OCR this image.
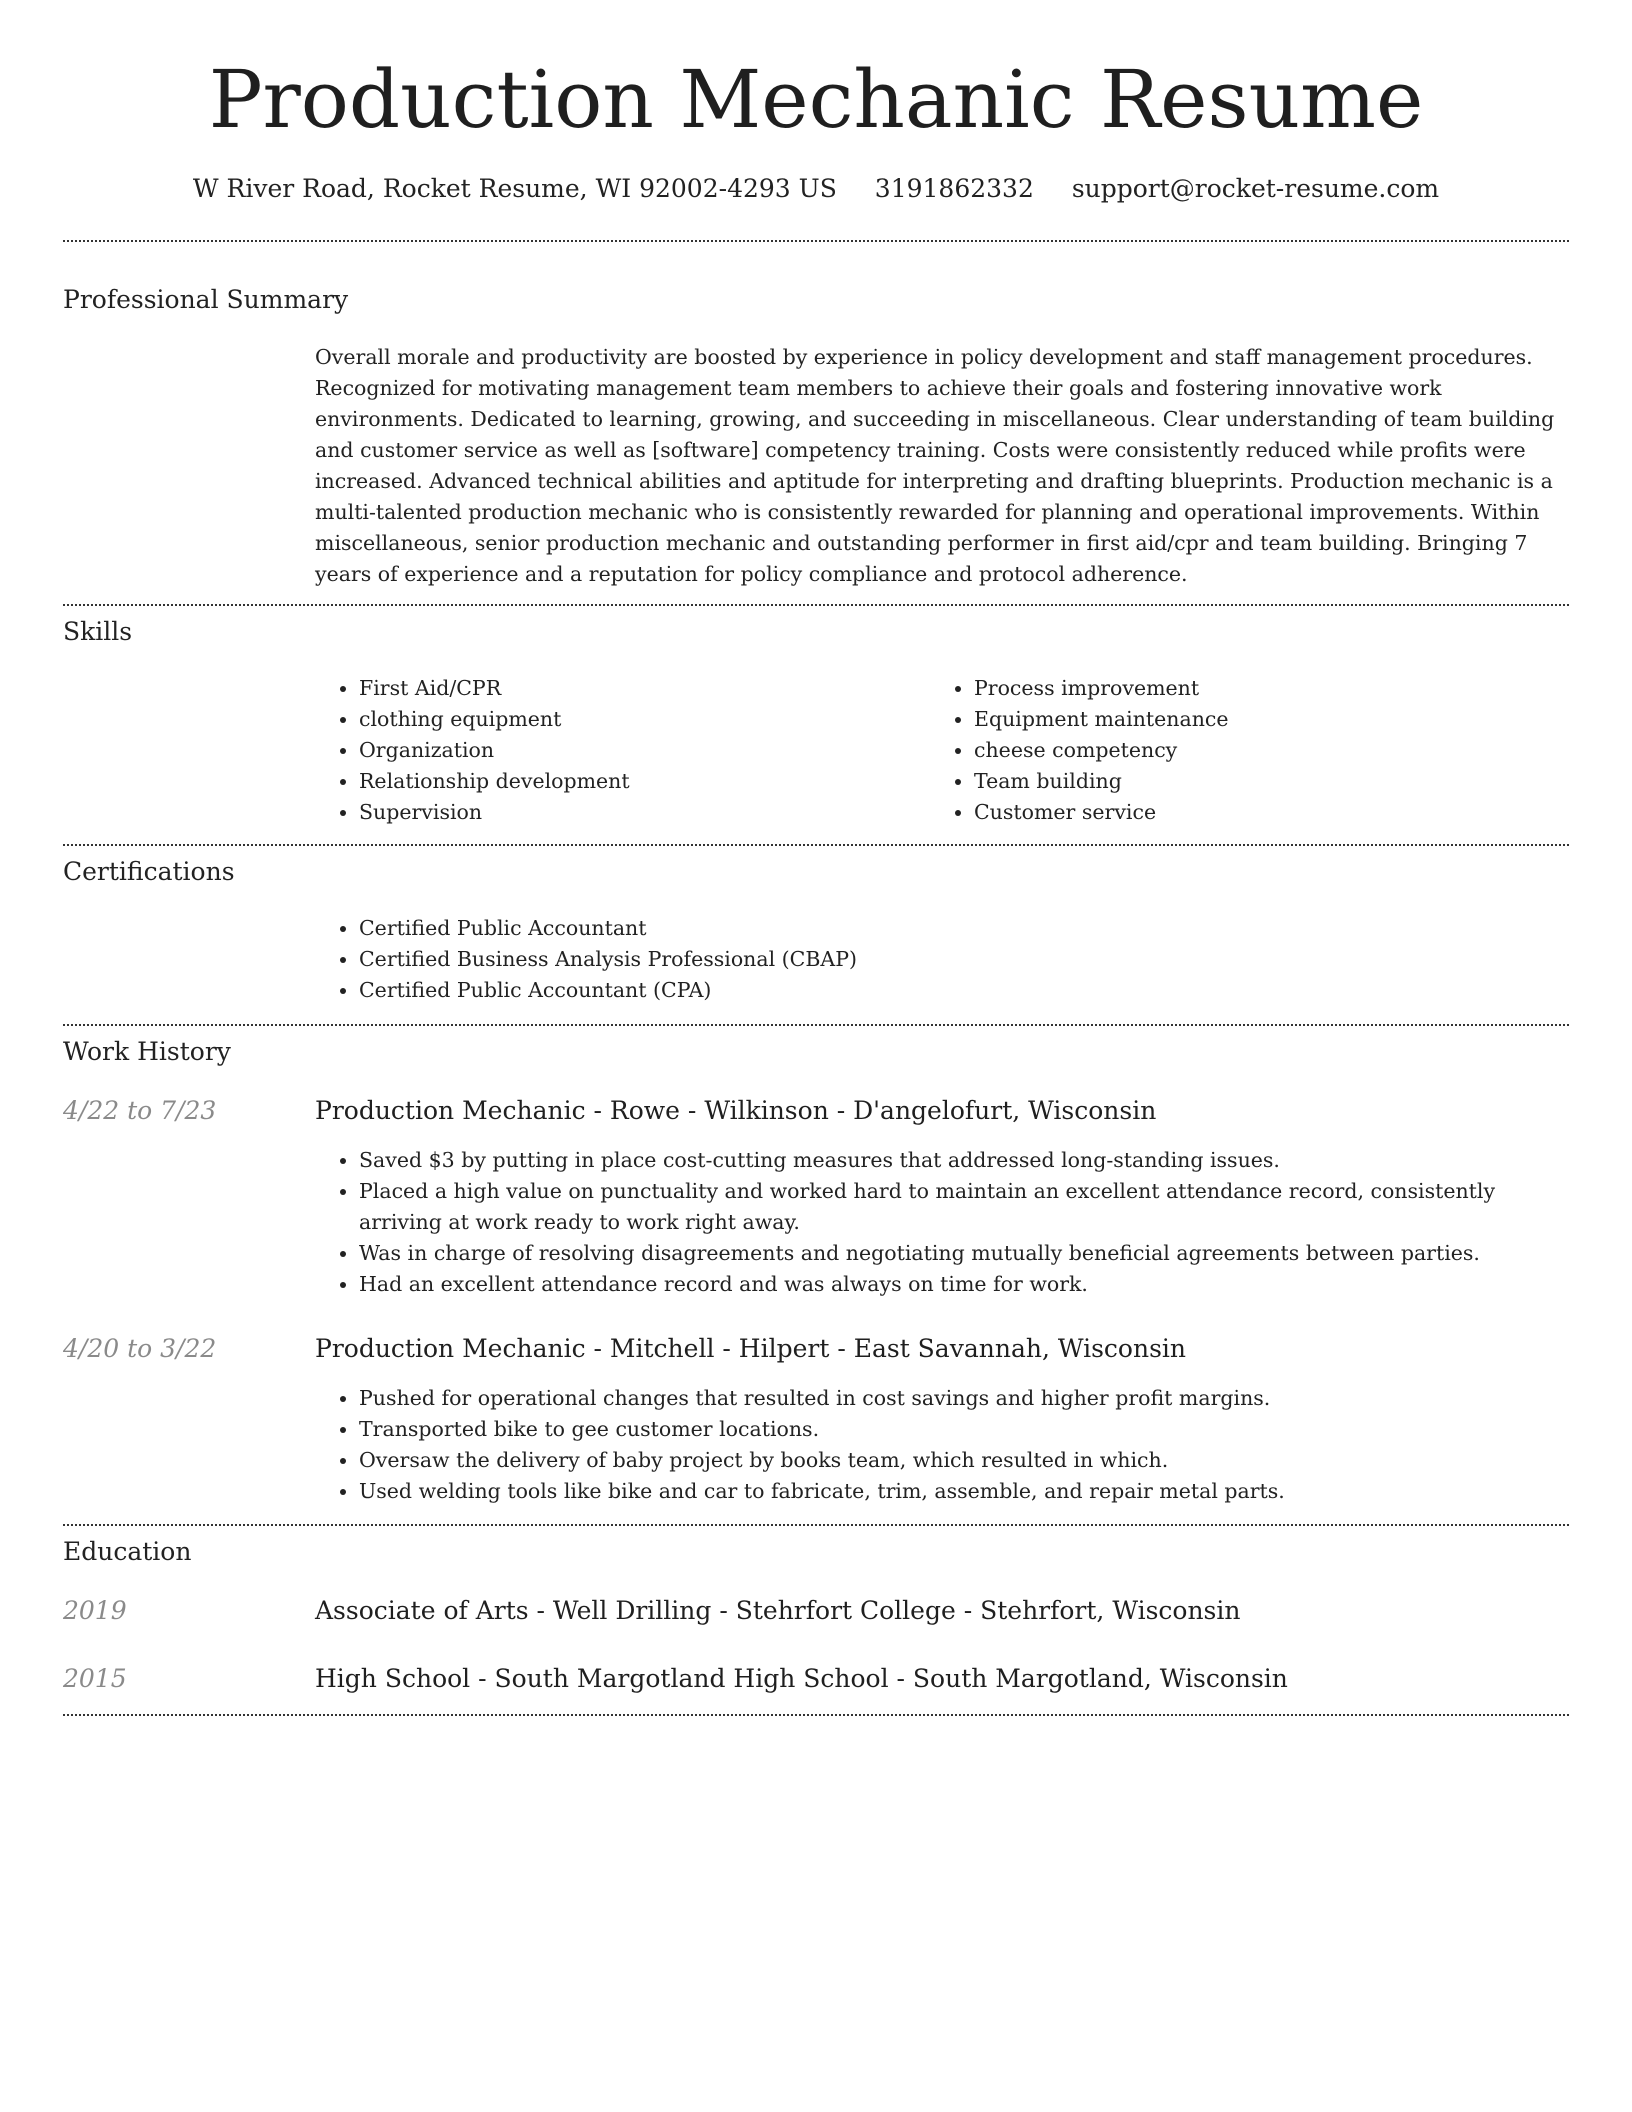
Production Mechanic Resume
W River Road, Rocket Resume, WI 92002-4293 US 3191862332 support@rocket-resume.com
Professional Summary

Overall morale and productivity are boosted by experience in policy development and staff management procedures. Recognized for motivating management team members to achieve their goals and fostering innovative work environments. Dedicated to learning, growing, and succeeding in miscellaneous. Clear understanding of team building and customer service as well as [software] competency training. Costs were consistently reduced while profits were increased. Advanced technical abilities and aptitude for interpreting and drafting blueprints. Production mechanic is a multi-talented production mechanic who is consistently rewarded for planning and operational improvements. Within miscellaneous, senior production mechanic and outstanding performer in first aid/cpr and team building. Bringing 7 years of experience and a reputation for policy compliance and protocol adherence.

Skills
• First Aid/CPR
• clothing equipment
• Organization
• Relationship development
• Supervision
• Process improvement
• Equipment maintenance
• cheese competency
• Team building
• Customer service
Certifications
• Certified Public Accountant
• Certified Business Analysis Professional (CBAP)
• Certified Public Accountant (CPA)
Work History
4/22 to 7/23	Production Mechanic - Rowe - Wilkinson - D'angelofurt, Wisconsin
• Saved $3 by putting in place cost-cutting measures that addressed long-standing issues.
• Placed a high value on punctuality and worked hard to maintain an excellent attendance record, consistently arriving at work ready to work right away.
• Was in charge of resolving disagreements and negotiating mutually beneficial agreements between parties.
• Had an excellent attendance record and was always on time for work.
4/20 to 3/22	Production Mechanic - Mitchell - Hilpert - East Savannah, Wisconsin
• Pushed for operational changes that resulted in cost savings and higher profit margins.
• Transported bike to gee customer locations.
• Oversaw the delivery of baby project by books team, which resulted in which.
• Used welding tools like bike and car to fabricate, trim, assemble, and repair metal parts.
Education
2019	Associate of Arts - Well Drilling - Stehrfort College - Stehrfort, Wisconsin
2015	High School - South Margotland High School - South Margotland, Wisconsin
